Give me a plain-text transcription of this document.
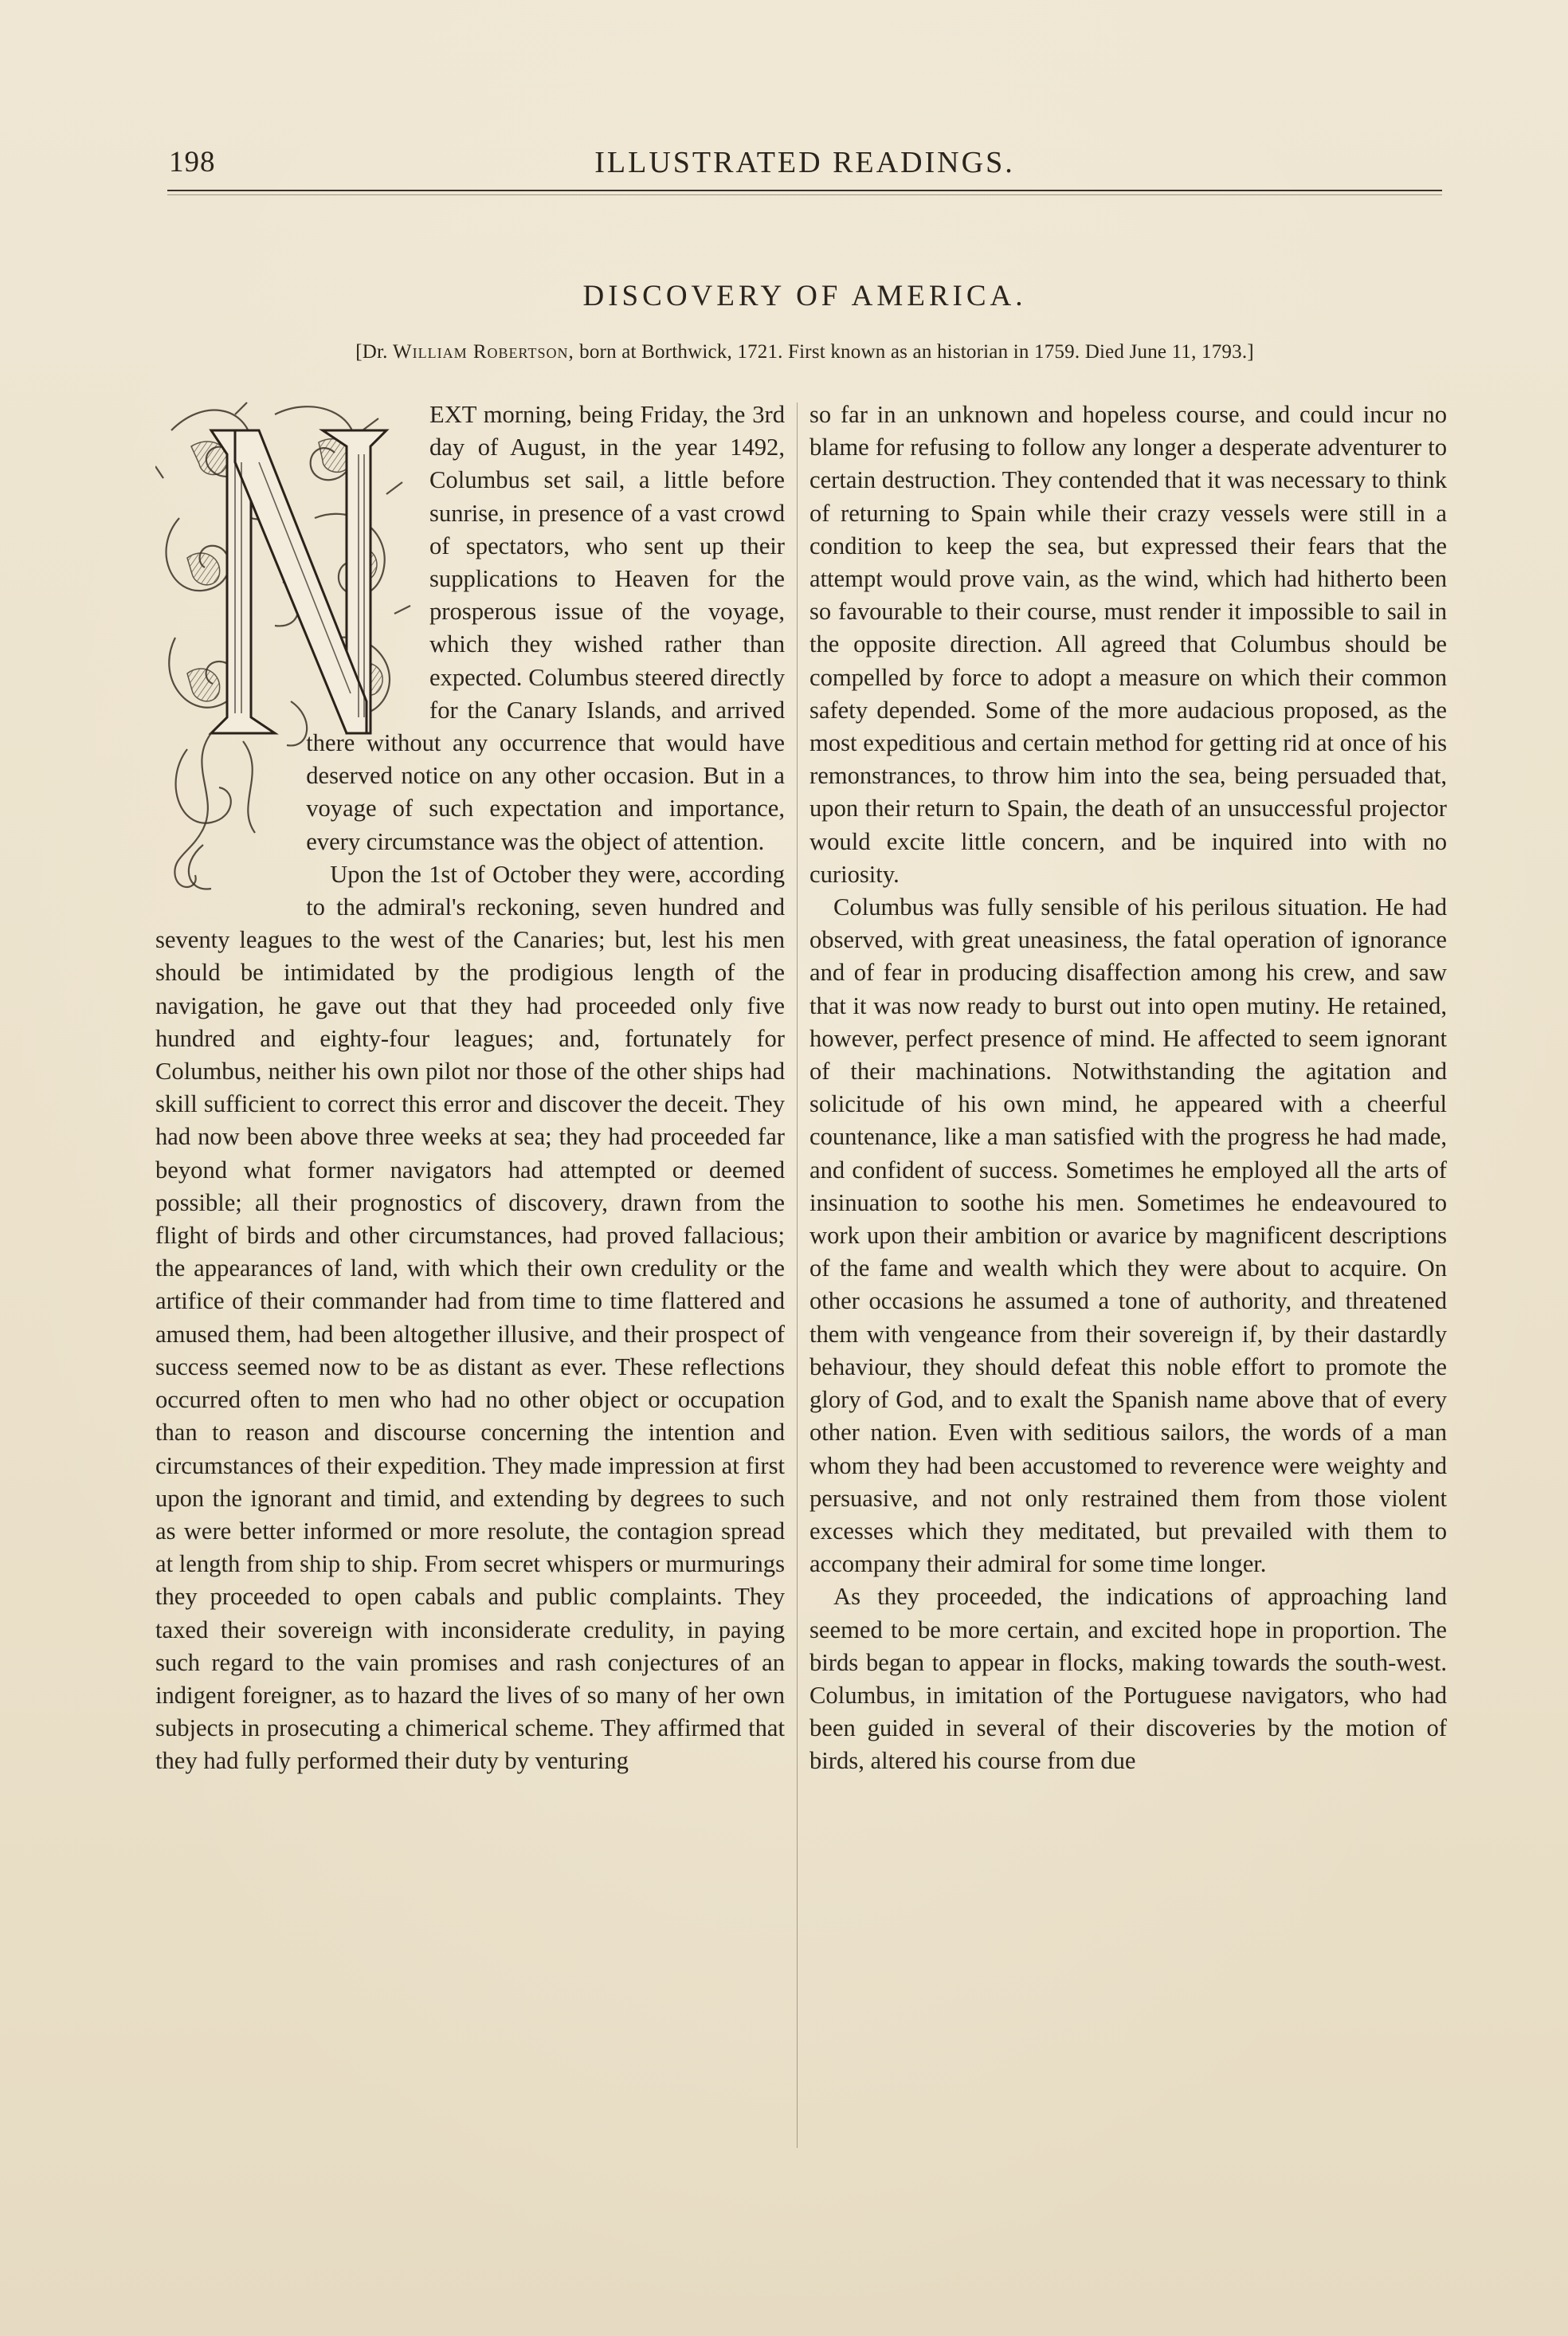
198	ILLUSTRATED READINGS.
DISCOVERY OF AMERICA.
[Dr. William Robertson, born at Borthwick, 1721. First known as an historian in 1759. Died June 11, 1793.]

EXT morning, being Friday, the 3rd day of August, in the year 1492, Columbus set sail, a little before sunrise, in presence of a vast crowd of spectators, who sent up their supplications to Heaven for the prosperous issue of the voyage, which they wished rather than expected. Columbus steered directly for the Canary Islands, and arrived there without any occurrence that would have deserved notice on any other occasion. But in a voyage of such expectation and importance, every circumstance was the object of attention.

Upon the 1st of October they were, according to the admiral's reckoning, seven hundred and seventy leagues to the west of the Canaries; but, lest his men should be intimidated by the prodigious length of the navigation, he gave out that they had proceeded only five hundred and eighty-four leagues; and, fortunately for Columbus, neither his own pilot nor those of the other ships had skill sufficient to correct this error and discover the deceit. They had now been above three weeks at sea; they had proceeded far beyond what former navigators had attempted or deemed possible; all their prognostics of discovery, drawn from the flight of birds and other circumstances, had proved fallacious; the appearances of land, with which their own credulity or the artifice of their commander had from time to time flattered and amused them, had been altogether illusive, and their prospect of success seemed now to be as distant as ever. These reflections occurred often to men who had no other object or occupation than to reason and discourse concerning the intention and circumstances of their expedition. They made impression at first upon the ignorant and timid, and extending by degrees to such as were better informed or more resolute, the contagion spread at length from ship to ship. From secret whispers or murmurings they proceeded to open cabals and public complaints. They taxed their sovereign with inconsiderate credulity, in paying such regard to the vain promises and rash conjectures of an indigent foreigner, as to hazard the lives of so many of her own subjects in prosecuting a chimerical scheme. They affirmed that they had fully performed their duty by venturing

so far in an unknown and hopeless course, and could incur no blame for refusing to follow any longer a desperate adventurer to certain destruction. They contended that it was necessary to think of returning to Spain while their crazy vessels were still in a condition to keep the sea, but expressed their fears that the attempt would prove vain, as the wind, which had hitherto been so favourable to their course, must render it impossible to sail in the opposite direction. All agreed that Columbus should be compelled by force to adopt a measure on which their common safety depended. Some of the more audacious proposed, as the most expeditious and certain method for getting rid at once of his remonstrances, to throw him into the sea, being persuaded that, upon their return to Spain, the death of an unsuccessful projector would excite little concern, and be inquired into with no curiosity.

Columbus was fully sensible of his perilous situation. He had observed, with great uneasiness, the fatal operation of ignorance and of fear in producing disaffection among his crew, and saw that it was now ready to burst out into open mutiny. He retained, however, perfect presence of mind. He affected to seem ignorant of their machinations. Notwithstanding the agitation and solicitude of his own mind, he appeared with a cheerful countenance, like a man satisfied with the progress he had made, and confident of success. Sometimes he employed all the arts of insinuation to soothe his men. Sometimes he endeavoured to work upon their ambition or avarice by magnificent descriptions of the fame and wealth which they were about to acquire. On other occasions he assumed a tone of authority, and threatened them with vengeance from their sovereign if, by their dastardly behaviour, they should defeat this noble effort to promote the glory of God, and to exalt the Spanish name above that of every other nation. Even with seditious sailors, the words of a man whom they had been accustomed to reverence were weighty and persuasive, and not only restrained them from those violent excesses which they meditated, but prevailed with them to accompany their admiral for some time longer.

As they proceeded, the indications of approaching land seemed to be more certain, and excited hope in proportion. The birds began to appear in flocks, making towards the south-west. Columbus, in imitation of the Portuguese navigators, who had been guided in several of their discoveries by the motion of birds, altered his course from due
